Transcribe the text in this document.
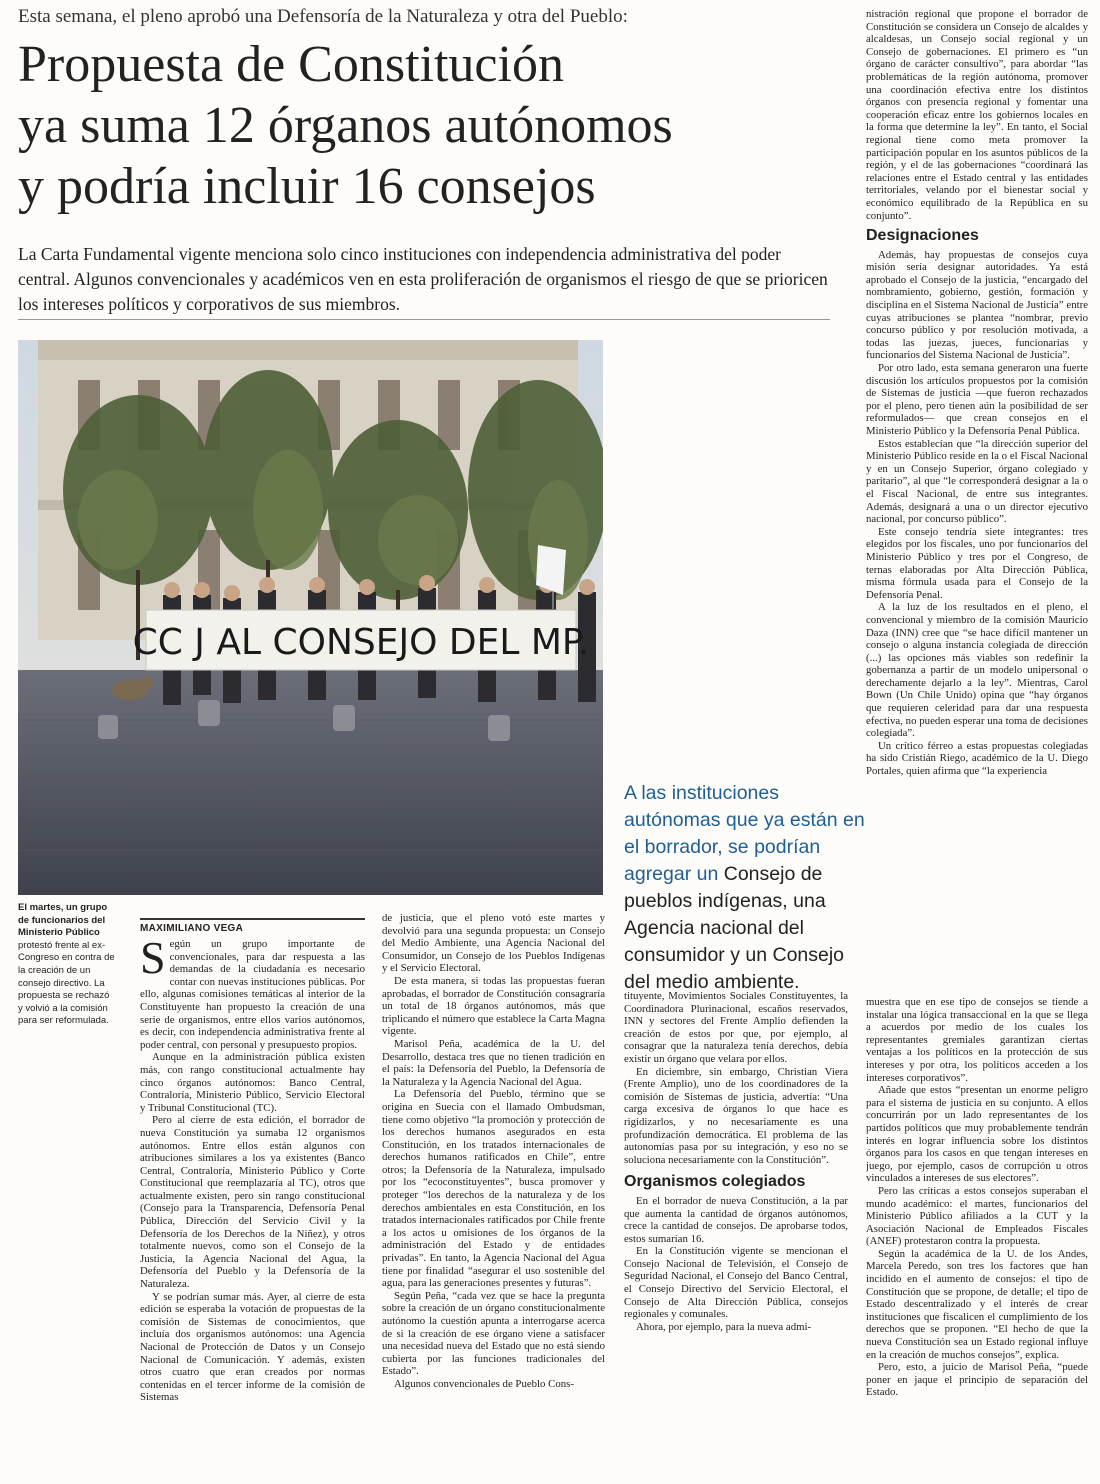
Esta semana, el pleno aprobó una Defensoría de la Naturaleza y otra del Pueblo:
Propuesta de Constitución
ya suma 12 órganos autónomos
y podría incluir 16 consejos
La Carta Fundamental vigente menciona solo cinco instituciones con independencia administrativa del poder central. Algunos convencionales y académicos ven en esta proliferación de organismos el riesgo de que se prioricen los intereses políticos y corporativos de sus miembros.
CC J AL CONSEJO DEL MP.
El martes, un grupo de funcionarios del Ministerio Público protestó frente al ex-Congreso en contra de la creación de un consejo directivo. La propuesta se rechazó y volvió a la comisión para ser reformulada.
MAXIMILIANO VEGA

Según un grupo importante de convencionales, para dar respuesta a las demandas de la ciudadanía es necesario contar con nuevas instituciones públicas. Por ello, algunas comisiones temáticas al interior de la Constituyente han propuesto la creación de una serie de organismos, entre ellos varios autónomos, es decir, con independencia administrativa frente al poder central, con personal y presupuesto propios.

Aunque en la administración pública existen más, con rango constitucional actualmente hay cinco órganos autónomos: Banco Central, Contraloría, Ministerio Público, Servicio Electoral y Tribunal Constitucional (TC).

Pero al cierre de esta edición, el borrador de nueva Constitución ya sumaba 12 organismos autónomos. Entre ellos están algunos con atribuciones similares a los ya existentes (Banco Central, Contraloría, Ministerio Público y Corte Constitucional que reemplazaría al TC), otros que actualmente existen, pero sin rango constitucional (Consejo para la Transparencia, Defensoría Penal Pública, Dirección del Servicio Civil y la Defensoría de los Derechos de la Niñez), y otros totalmente nuevos, como son el Consejo de la Justicia, la Agencia Nacional del Agua, la Defensoría del Pueblo y la Defensoría de la Naturaleza.

Y se podrían sumar más. Ayer, al cierre de esta edición se esperaba la votación de propuestas de la comisión de Sistemas de conocimientos, que incluía dos organismos autónomos: una Agencia Nacional de Protección de Datos y un Consejo Nacional de Comunicación. Y además, existen otros cuatro que eran creados por normas contenidas en el tercer informe de la comisión de Sistemas

de justicia, que el pleno votó este martes y devolvió para una segunda propuesta: un Consejo del Medio Ambiente, una Agencia Nacional del Consumidor, un Consejo de los Pueblos Indígenas y el Servicio Electoral.

De esta manera, si todas las propuestas fueran aprobadas, el borrador de Constitución consagraría un total de 18 órganos autónomos, más que triplicando el número que establece la Carta Magna vigente.

Marisol Peña, académica de la U. del Desarrollo, destaca tres que no tienen tradición en el país: la Defensoría del Pueblo, la Defensoría de la Naturaleza y la Agencia Nacional del Agua.

La Defensoría del Pueblo, término que se origina en Suecia con el llamado Ombudsman, tiene como objetivo “la promoción y protección de los derechos humanos asegurados en esta Constitución, en los tratados internacionales de derechos humanos ratificados en Chile”, entre otros; la Defensoría de la Naturaleza, impulsado por los “ecoconstituyentes”, busca promover y proteger “los derechos de la naturaleza y de los derechos ambientales en esta Constitución, en los tratados internacionales ratificados por Chile frente a los actos u omisiones de los órganos de la administración del Estado y de entidades privadas”. En tanto, la Agencia Nacional del Agua tiene por finalidad “asegurar el uso sostenible del agua, para las generaciones presentes y futuras”.

Según Peña, “cada vez que se hace la pregunta sobre la creación de un órgano constitucionalmente autónomo la cuestión apunta a interrogarse acerca de si la creación de ese órgano viene a satisfacer una necesidad nueva del Estado que no está siendo cubierta por las funciones tradicionales del Estado”.

Algunos convencionales de Pueblo Cons-

A las instituciones autónomas que ya están en el borrador, se podrían agregar un Consejo de pueblos indígenas, una Agencia nacional del consumidor y un Consejo del medio ambiente.

tituyente, Movimientos Sociales Constituyentes, la Coordinadora Plurinacional, escaños reservados, INN y sectores del Frente Amplio defienden la creación de estos por que, por ejemplo, al consagrar que la naturaleza tenía derechos, debía existir un órgano que velara por ellos.

En diciembre, sin embargo, Christian Viera (Frente Amplio), uno de los coordinadores de la comisión de Sistemas de justicia, advertía: “Una carga excesiva de órganos lo que hace es rigidizarlos, y no necesariamente es una profundización democrática. El problema de las autonomías pasa por su integración, y eso no se soluciona necesariamente con la Constitución”.

Organismos colegiados

En el borrador de nueva Constitución, a la par que aumenta la cantidad de órganos autónomos, crece la cantidad de consejos. De aprobarse todos, estos sumarían 16.

En la Constitución vigente se mencionan el Consejo Nacional de Televisión, el Consejo de Seguridad Nacional, el Consejo del Banco Central, el Consejo Directivo del Servicio Electoral, el Consejo de Alta Dirección Pública, consejos regionales y comunales.

Ahora, por ejemplo, para la nueva admi-

nistración regional que propone el borrador de Constitución se considera un Consejo de alcaldes y alcaldesas, un Consejo social regional y un Consejo de gobernaciones. El primero es “un órgano de carácter consultivo”, para abordar “las problemáticas de la región autónoma, promover una coordinación efectiva entre los distintos órganos con presencia regional y fomentar una cooperación eficaz entre los gobiernos locales en la forma que determine la ley”. En tanto, el Social regional tiene como meta promover la participación popular en los asuntos públicos de la región, y el de las gobernaciones “coordinará las relaciones entre el Estado central y las entidades territoriales, velando por el bienestar social y económico equilibrado de la República en su conjunto”.

Designaciones

Además, hay propuestas de consejos cuya misión sería designar autoridades. Ya está aprobado el Consejo de la justicia, “encargado del nombramiento, gobierno, gestión, formación y disciplina en el Sistema Nacional de Justicia” entre cuyas atribuciones se plantea “nombrar, previo concurso público y por resolución motivada, a todas las juezas, jueces, funcionarias y funcionarios del Sistema Nacional de Justicia”.

Por otro lado, esta semana generaron una fuerte discusión los artículos propuestos por la comisión de Sistemas de justicia —que fueron rechazados por el pleno, pero tienen aún la posibilidad de ser reformulados— que crean consejos en el Ministerio Público y la Defensoría Penal Pública.

Estos establecían que “la dirección superior del Ministerio Público reside en la o el Fiscal Nacional y en un Consejo Superior, órgano colegiado y paritario”, al que “le corresponderá designar a la o el Fiscal Nacional, de entre sus integrantes. Además, designará a una o un director ejecutivo nacional, por concurso público”.

Este consejo tendría siete integrantes: tres elegidos por los fiscales, uno por funcionarios del Ministerio Público y tres por el Congreso, de ternas elaboradas por Alta Dirección Pública, misma fórmula usada para el Consejo de la Defensoría Penal.

A la luz de los resultados en el pleno, el convencional y miembro de la comisión Mauricio Daza (INN) cree que “se hace difícil mantener un consejo o alguna instancia colegiada de dirección (...) las opciones más viables son redefinir la gobernanza a partir de un modelo unipersonal o derechamente dejarlo a la ley”. Mientras, Carol Bown (Un Chile Unido) opina que “hay órganos que requieren celeridad para dar una respuesta efectiva, no pueden esperar una toma de decisiones colegiada”.

Un crítico férreo a estas propuestas colegiadas ha sido Cristián Riego, académico de la U. Diego Portales, quien afirma que “la experiencia

muestra que en ese tipo de consejos se tiende a instalar una lógica transaccional en la que se llega a acuerdos por medio de los cuales los representantes gremiales garantizan ciertas ventajas a los políticos en la protección de sus intereses y por otra, los políticos acceden a los intereses corporativos”.

Añade que estos “presentan un enorme peligro para el sistema de justicia en su conjunto. A ellos concurrirán por un lado representantes de los partidos políticos que muy probablemente tendrán interés en lograr influencia sobre los distintos órganos para los casos en que tengan intereses en juego, por ejemplo, casos de corrupción u otros vinculados a intereses de sus electores”.

Pero las críticas a estos consejos superaban el mundo académico: el martes, funcionarios del Ministerio Público afiliados a la CUT y la Asociación Nacional de Empleados Fiscales (ANEF) protestaron contra la propuesta.

Según la académica de la U. de los Andes, Marcela Peredo, son tres los factores que han incidido en el aumento de consejos: el tipo de Constitución que se propone, de detalle; el tipo de Estado descentralizado y el interés de crear instituciones que fiscalicen el cumplimiento de los derechos que se proponen. “El hecho de que la nueva Constitución sea un Estado regional influye en la creación de muchos consejos”, explica.

Pero, esto, a juicio de Marisol Peña, “puede poner en jaque el principio de separación del Estado.
